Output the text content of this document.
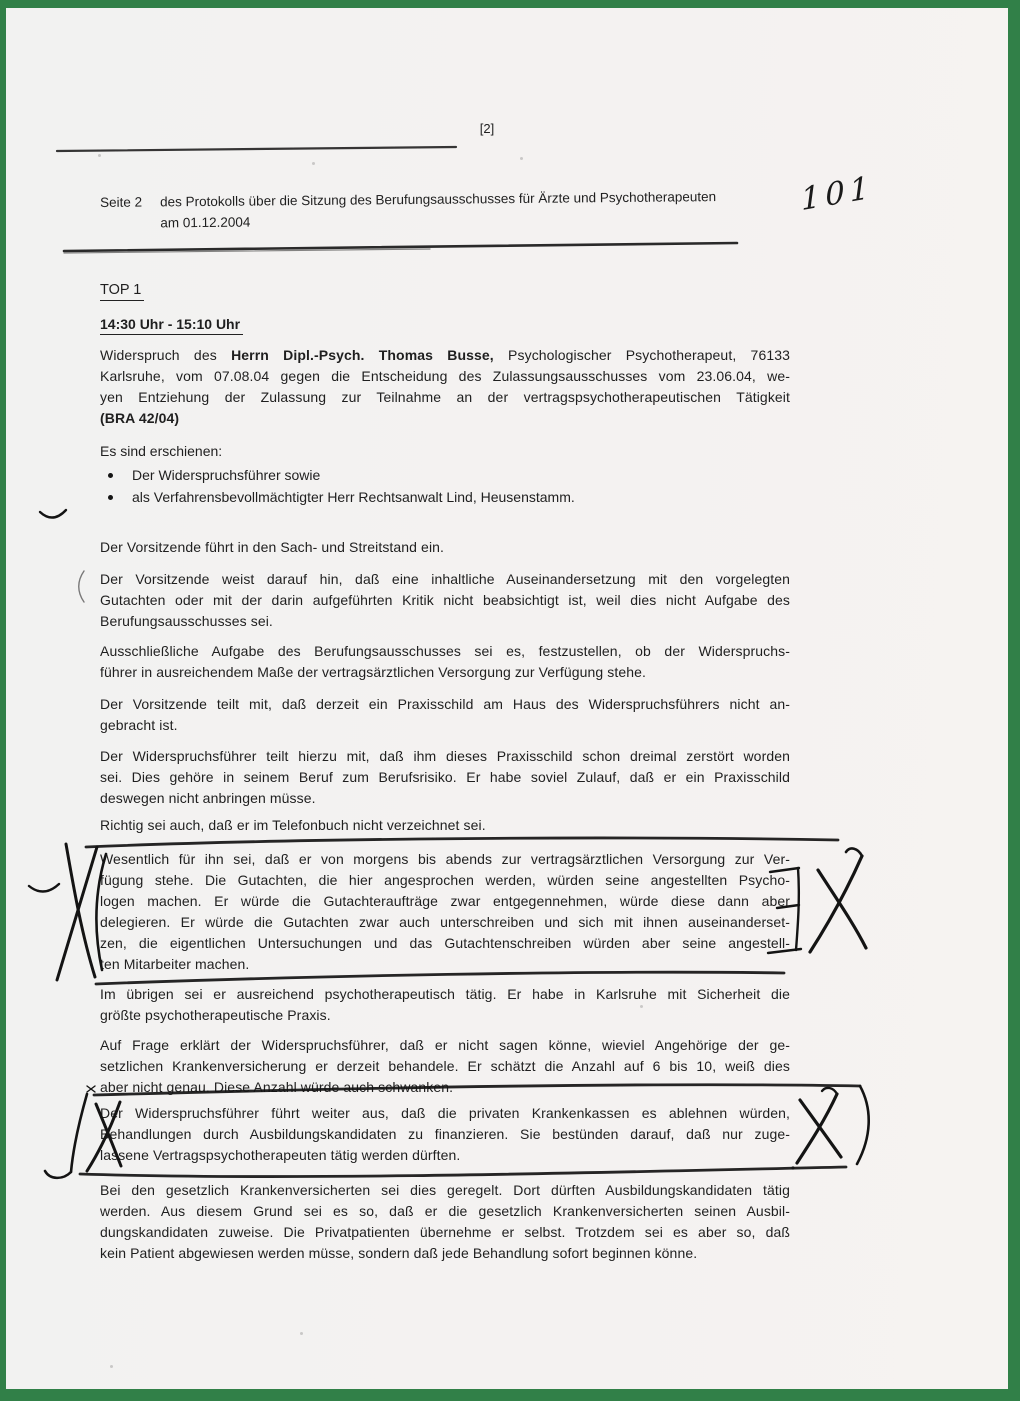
[2]
Seite 2	des Protokolls über die Sitzung des Berufungsausschusses für Ärzte und Psychotherapeuten
am 01.12.2004
101
TOP 1
14:30 Uhr - 15:10 Uhr
Widerspruch des Herrn Dipl.-Psych. Thomas Busse, Psychologischer Psychotherapeut, 76133
Karlsruhe, vom 07.08.04 gegen die Entscheidung des Zulassungsausschusses vom 23.06.04, we-
yen Entziehung der Zulassung zur Teilnahme an der vertragspsychotherapeutischen Tätigkeit
(BRA 42/04)
Es sind erschienen:
Der Widerspruchsführer sowie
als Verfahrensbevollmächtigter Herr Rechtsanwalt Lind, Heusenstamm.
Der Vorsitzende führt in den Sach- und Streitstand ein.
Der Vorsitzende weist darauf hin, daß eine inhaltliche Auseinandersetzung mit den vorgelegten
Gutachten oder mit der darin aufgeführten Kritik nicht beabsichtigt ist, weil dies nicht Aufgabe des
Berufungsausschusses sei.
Ausschließliche Aufgabe des Berufungsausschusses sei es, festzustellen, ob der Widerspruchs-
führer in ausreichendem Maße der vertragsärztlichen Versorgung zur Verfügung stehe.
Der Vorsitzende teilt mit, daß derzeit ein Praxisschild am Haus des Widerspruchsführers nicht an-
gebracht ist.
Der Widerspruchsführer teilt hierzu mit, daß ihm dieses Praxisschild schon dreimal zerstört worden
sei. Dies gehöre in seinem Beruf zum Berufsrisiko. Er habe soviel Zulauf, daß er ein Praxisschild
deswegen nicht anbringen müsse.
Richtig sei auch, daß er im Telefonbuch nicht verzeichnet sei.
Wesentlich für ihn sei, daß er von morgens bis abends zur vertragsärztlichen Versorgung zur Ver-
fügung stehe. Die Gutachten, die hier angesprochen werden, würden seine angestellten Psycho-
logen machen. Er würde die Gutachteraufträge zwar entgegennehmen, würde diese dann aber
delegieren. Er würde die Gutachten zwar auch unterschreiben und sich mit ihnen auseinanderset-
zen, die eigentlichen Untersuchungen und das Gutachtenschreiben würden aber seine angestell-
ten Mitarbeiter machen.
Im übrigen sei er ausreichend psychotherapeutisch tätig. Er habe in Karlsruhe mit Sicherheit die
größte psychotherapeutische Praxis.
Auf Frage erklärt der Widerspruchsführer, daß er nicht sagen könne, wieviel Angehörige der ge-
setzlichen Krankenversicherung er derzeit behandele. Er schätzt die Anzahl auf 6 bis 10, weiß dies
aber nicht genau. Diese Anzahl würde auch schwanken.
Der Widerspruchsführer führt weiter aus, daß die privaten Krankenkassen es ablehnen würden,
Behandlungen durch Ausbildungskandidaten zu finanzieren. Sie bestünden darauf, daß nur zuge-
lassene Vertragspsychotherapeuten tätig werden dürften.
Bei den gesetzlich Krankenversicherten sei dies geregelt. Dort dürften Ausbildungskandidaten tätig
werden. Aus diesem Grund sei es so, daß er die gesetzlich Krankenversicherten seinen Ausbil-
dungskandidaten zuweise. Die Privatpatienten übernehme er selbst. Trotzdem sei es aber so, daß
kein Patient abgewiesen werden müsse, sondern daß jede Behandlung sofort beginnen könne.
